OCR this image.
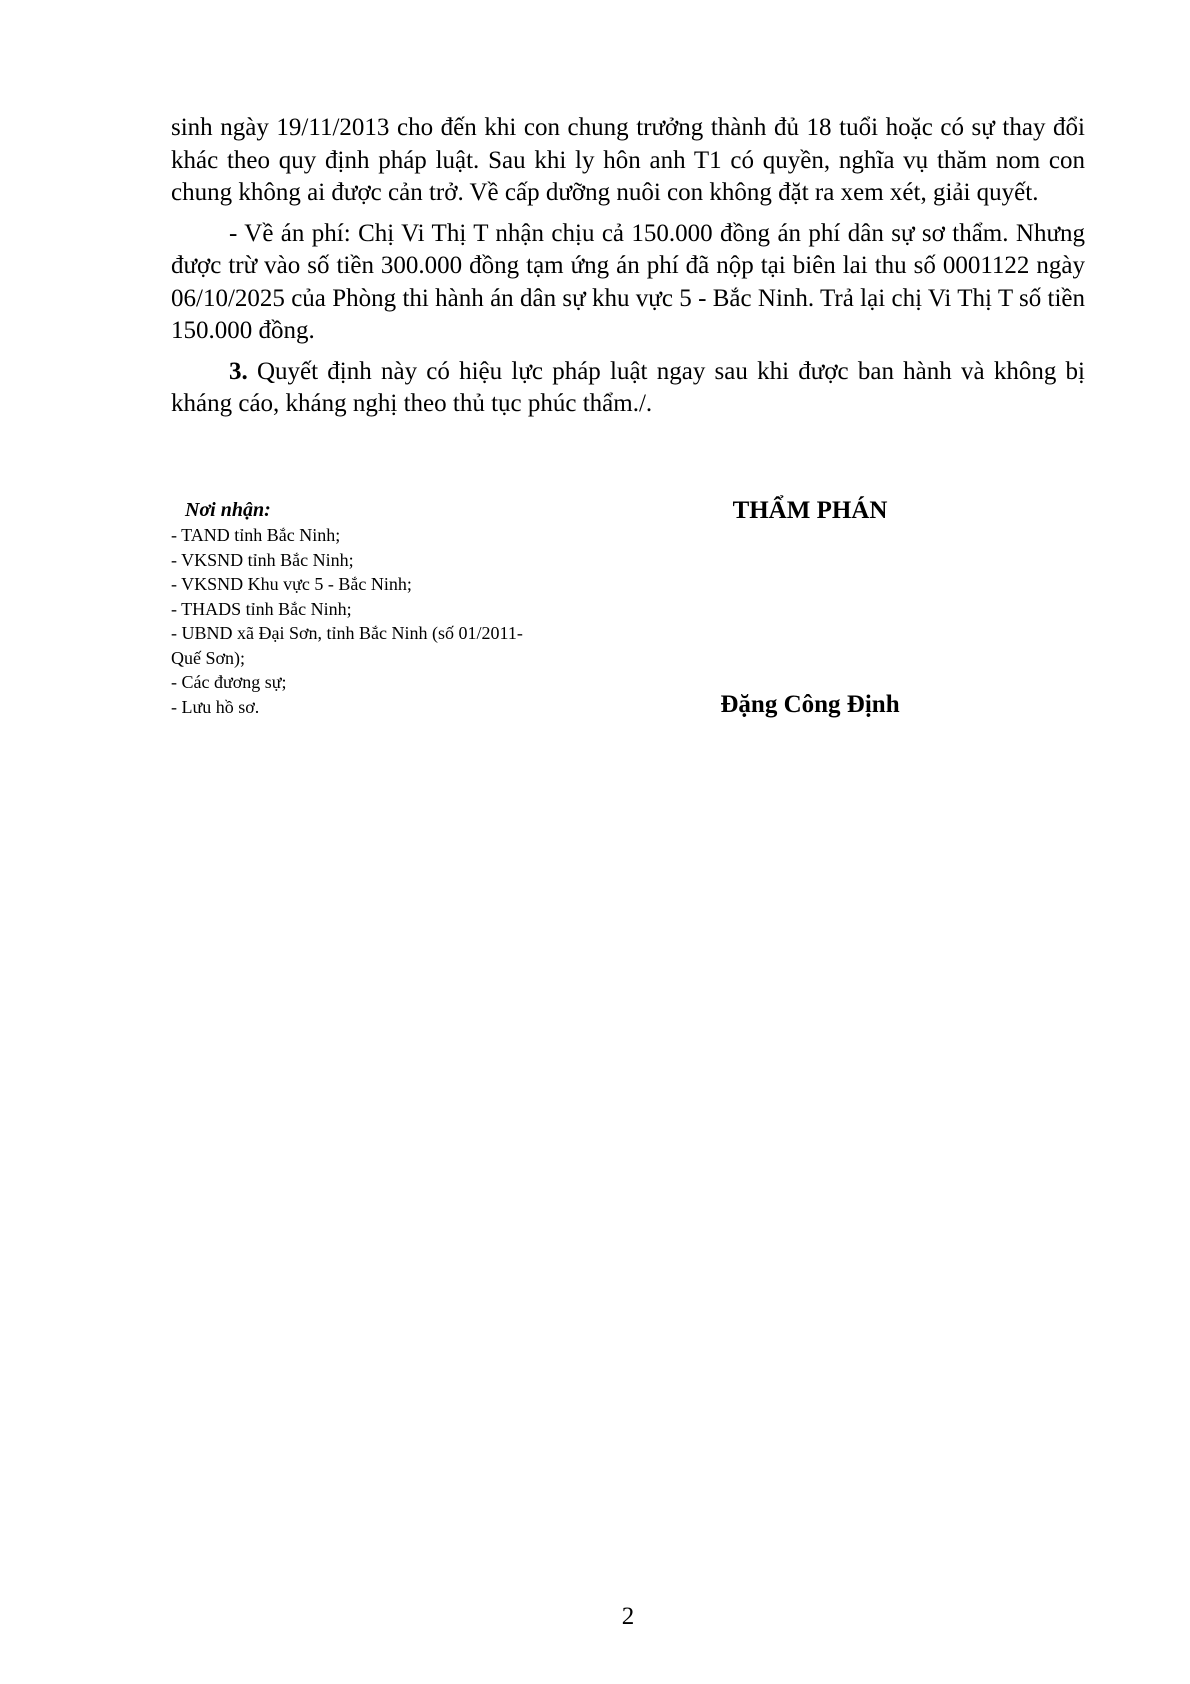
sinh ngày 19/11/2013 cho đến khi con chung trưởng thành đủ 18 tuổi hoặc có sự thay đổi khác theo quy định pháp luật. Sau khi ly hôn anh T1 có quyền, nghĩa vụ thăm nom con chung không ai được cản trở. Về cấp dưỡng nuôi con không đặt ra xem xét, giải quyết.

- Về án phí: Chị Vi Thị T nhận chịu cả 150.000 đồng án phí dân sự sơ thẩm. Nhưng được trừ vào số tiền 300.000 đồng tạm ứng án phí đã nộp tại biên lai thu số 0001122 ngày 06/10/2025 của Phòng thi hành án dân sự khu vực 5 - Bắc Ninh. Trả lại chị Vi Thị T số tiền 150.000 đồng.

3. Quyết định này có hiệu lực pháp luật ngay sau khi được ban hành và không bị kháng cáo, kháng nghị theo thủ tục phúc thẩm./.

Nơi nhận:
- TAND tỉnh Bắc Ninh;
- VKSND tỉnh Bắc Ninh;
- VKSND Khu vực 5 - Bắc Ninh;
- THADS tỉnh Bắc Ninh;
- UBND xã Đại Sơn, tỉnh Bắc Ninh (số 01/2011-Quế Sơn);
- Các đương sự;
- Lưu hồ sơ.
THẨM PHÁN
Đặng Công Định
2
